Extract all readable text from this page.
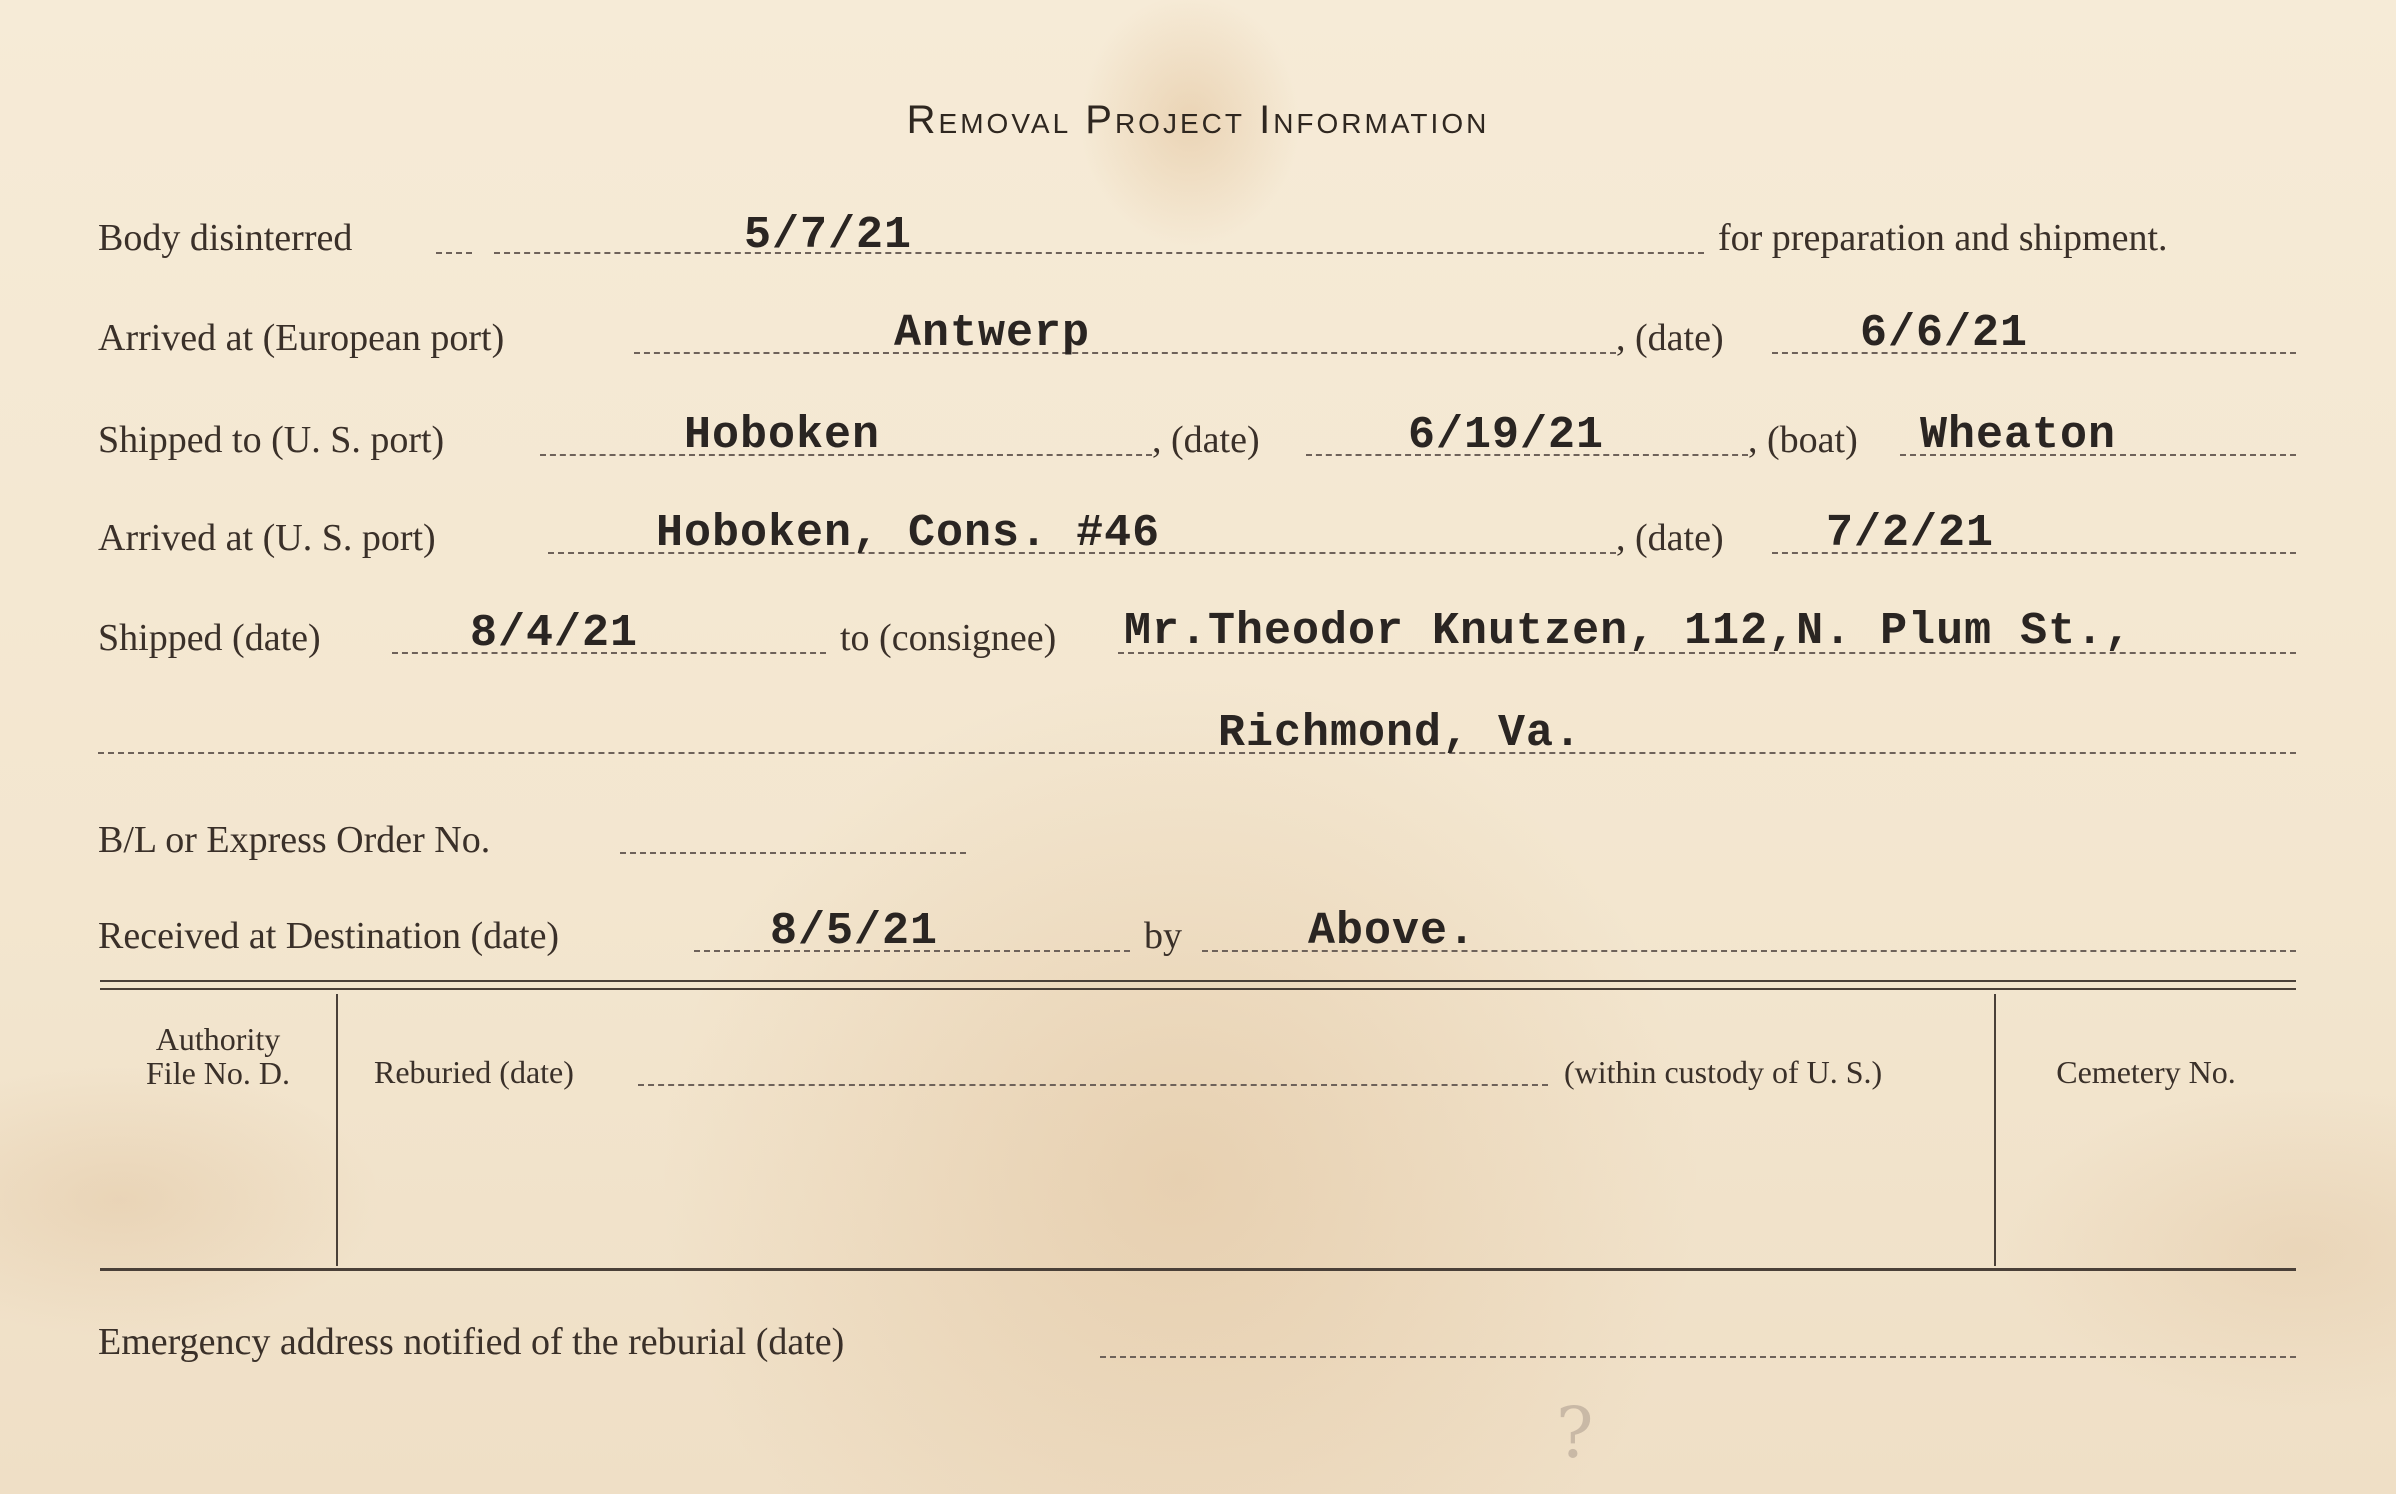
Removal Project Information
Body disinterred	5/7/21	for preparation and shipment.
Arrived at (European port)	Antwerp	, (date)	6/6/21
Shipped to (U. S. port)	Hoboken	, (date)	6/19/21	, (boat) Wheaton
Arrived at (U. S. port)	Hoboken, Cons. #46	, (date) 7/2/21
Shipped (date)	8/4/21	to (consignee) Mr.Theodor Knutzen, 112,N. Plum St.,
Richmond, Va.
B/L or Express Order No.
Received at Destination (date)	8/5/21	by	Above.
Authority
File No. D.	Reburied (date)	(within custody of U. S.)	Cemetery No.
Emergency address notified of the reburial (date)
?
